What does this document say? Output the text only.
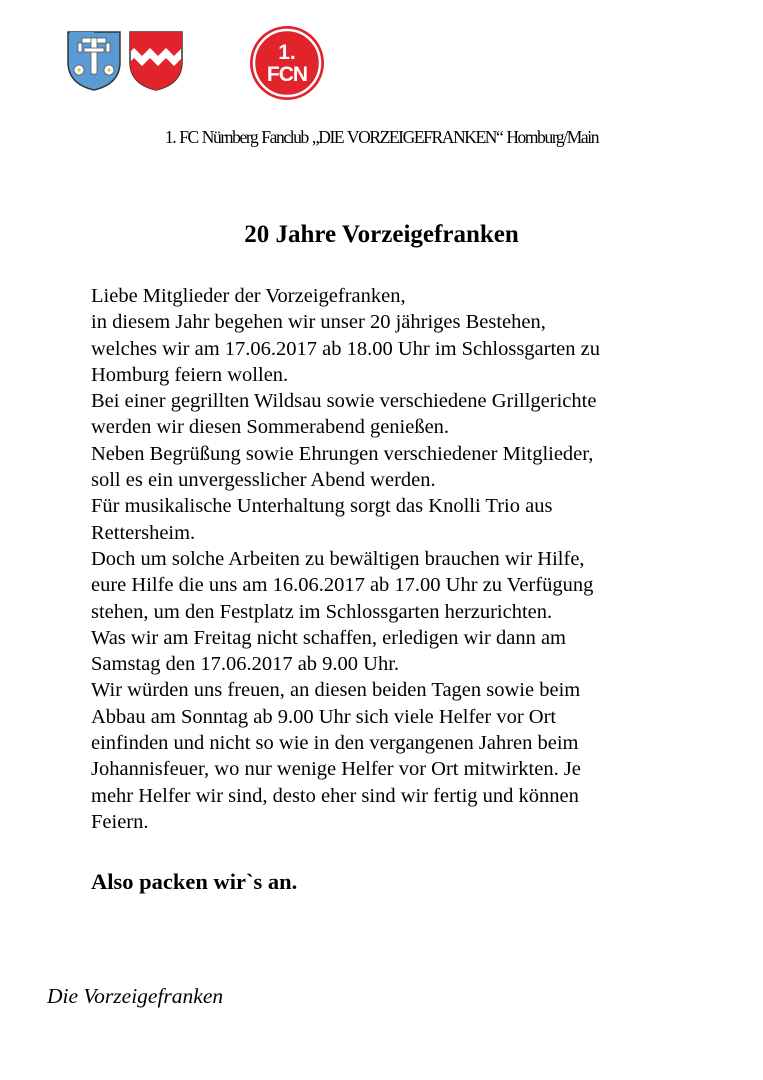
1.
FCN
1. FC Nürnberg Fanclub „DIE VORZEIGEFRANKEN“ Homburg/Main
20 Jahre Vorzeigefranken
Liebe Mitglieder der Vorzeigefranken,
in diesem Jahr begehen wir unser 20 jähriges Bestehen,
welches wir am 17.06.2017 ab 18.00 Uhr im Schlossgarten zu
Homburg feiern wollen.
Bei einer gegrillten Wildsau sowie verschiedene Grillgerichte
werden wir diesen Sommerabend genießen.
Neben Begrüßung sowie Ehrungen verschiedener Mitglieder,
soll es ein unvergesslicher Abend werden.
Für musikalische Unterhaltung sorgt das Knolli Trio aus
Rettersheim.
Doch um solche Arbeiten zu bewältigen brauchen wir Hilfe,
eure Hilfe die uns am 16.06.2017 ab 17.00 Uhr zu Verfügung
stehen, um den Festplatz im Schlossgarten herzurichten.
Was wir am Freitag nicht schaffen, erledigen wir dann am
Samstag den 17.06.2017 ab 9.00 Uhr.
Wir würden uns freuen, an diesen beiden Tagen sowie beim
Abbau am Sonntag ab 9.00 Uhr sich viele Helfer vor Ort
einfinden und nicht so wie in den vergangenen Jahren beim
Johannisfeuer, wo nur wenige Helfer vor Ort mitwirkten. Je
mehr Helfer wir sind, desto eher sind wir fertig und können
Feiern.
Also packen wir`s an.
Die Vorzeigefranken
